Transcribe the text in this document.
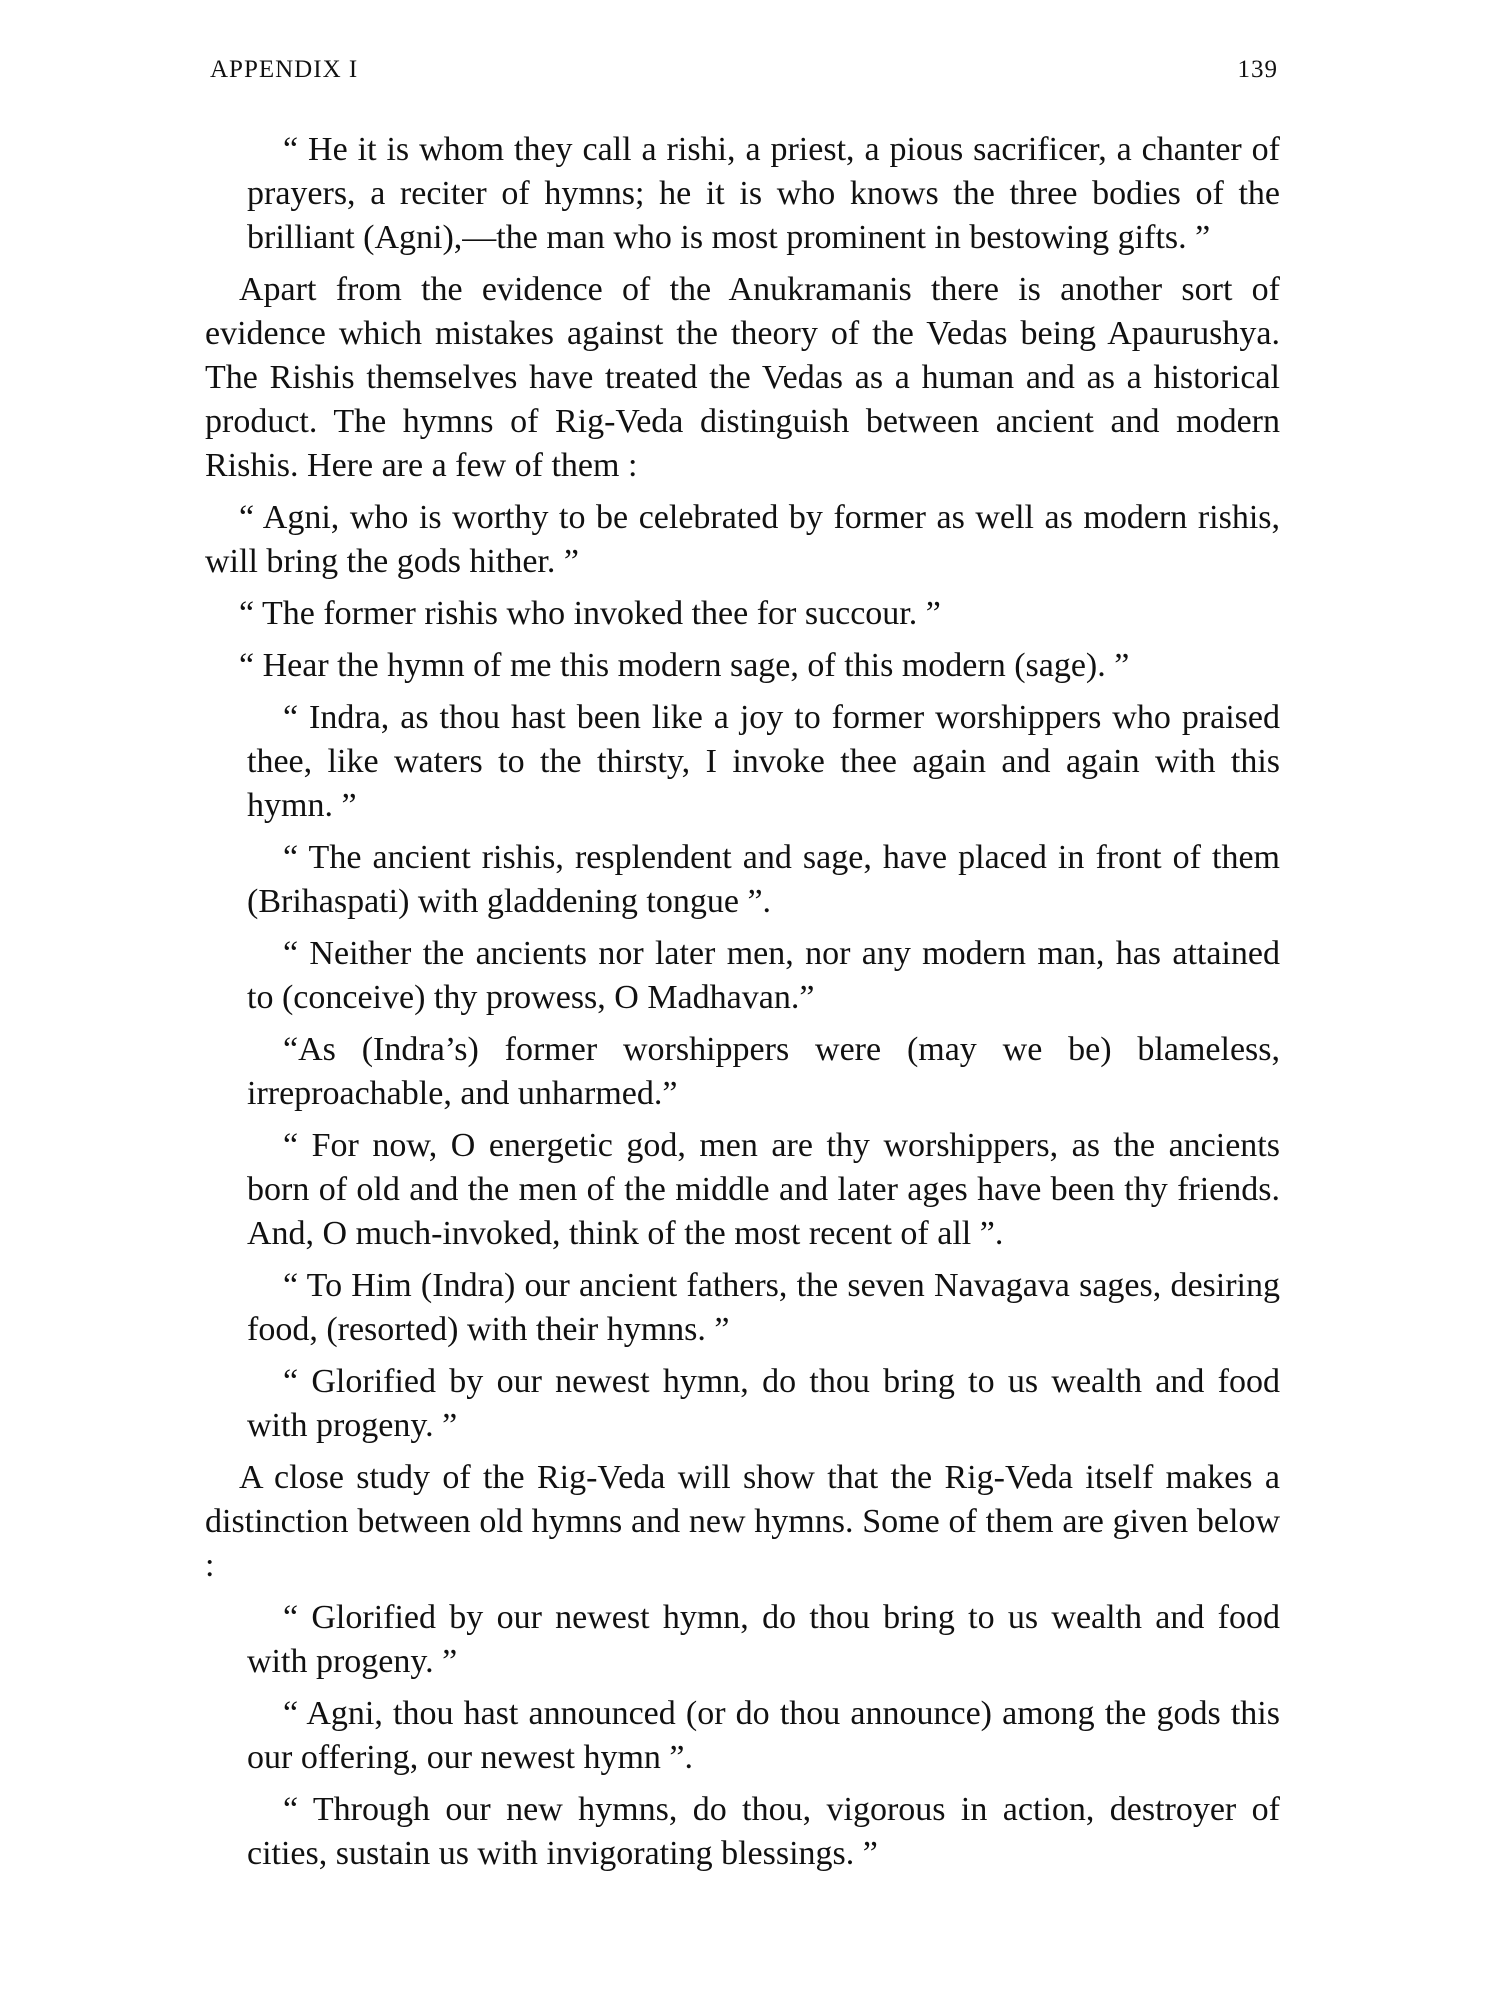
APPENDIX I	139

“ He it is whom they call a rishi, a priest, a pious sacrificer, a chanter of prayers, a reciter of hymns; he it is who knows the three bodies of the brilliant (Agni),—the man who is most prominent in bestowing gifts. ”

Apart from the evidence of the Anukramanis there is another sort of evidence which mistakes against the theory of the Vedas being Apaurushya. The Rishis themselves have treated the Vedas as a human and as a historical product. The hymns of Rig-Veda distinguish between ancient and modern Rishis. Here are a few of them :

“ Agni, who is worthy to be celebrated by former as well as modern rishis, will bring the gods hither. ”

“ The former rishis who invoked thee for succour. ”

“ Hear the hymn of me this modern sage, of this modern (sage). ”

“ Indra, as thou hast been like a joy to former worshippers who praised thee, like waters to the thirsty, I invoke thee again and again with this hymn. ”

“ The ancient rishis, resplendent and sage, have placed in front of them (Brihaspati) with gladdening tongue ”.

“ Neither the ancients nor later men, nor any modern man, has attained to (conceive) thy prowess, O Madhavan.”

“As (Indra’s) former worshippers were (may we be) blameless, irreproachable, and unharmed.”

“ For now, O energetic god, men are thy worshippers, as the ancients born of old and the men of the middle and later ages have been thy friends. And, O much-invoked, think of the most recent of all ”.

“ To Him (Indra) our ancient fathers, the seven Navagava sages, desiring food, (resorted) with their hymns. ”

“ Glorified by our newest hymn, do thou bring to us wealth and food with progeny. ”

A close study of the Rig-Veda will show that the Rig-Veda itself makes a distinction between old hymns and new hymns. Some of them are given below :

“ Glorified by our newest hymn, do thou bring to us wealth and food with progeny. ”

“ Agni, thou hast announced (or do thou announce) among the gods this our offering, our newest hymn ”.

“ Through our new hymns, do thou, vigorous in action, destroyer of cities, sustain us with invigorating blessings. ”
